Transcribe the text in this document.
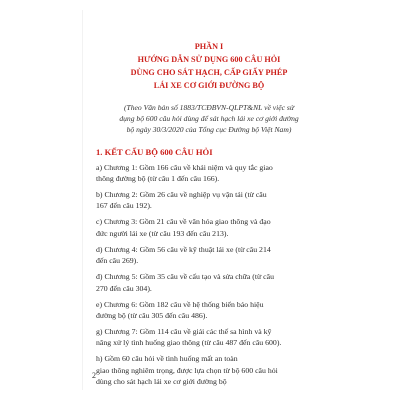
PHẦN I

HƯỚNG DẪN SỬ DỤNG 600 CÂU HỎI
DÙNG CHO SÁT HẠCH, CẤP GIẤY PHÉP
LÁI XE CƠ GIỚI ĐƯỜNG BỘ

(Theo Văn bản số 1883/TCĐBVN-QLPT&NL về việc sử
dụng bộ 600 câu hỏi dùng để sát hạch lái xe cơ giới đường
bộ ngày 30/3/2020 của Tổng cục Đường bộ Việt Nam)

1. KẾT CẤU BỘ 600 CÂU HỎI

a) Chương 1: Gồm 166 câu về khái niệm và quy tắc giao
thông đường bộ (từ câu 1 đến câu 166).
b) Chương 2: Gồm 26 câu về nghiệp vụ vận tải (từ câu
167 đến câu 192).
c) Chương 3: Gồm 21 câu về văn hóa giao thông và đạo
đức người lái xe (từ câu 193 đến câu 213).
d) Chương 4: Gồm 56 câu về kỹ thuật lái xe (từ câu 214
đến câu 269).
đ) Chương 5: Gồm 35 câu về cấu tạo và sửa chữa (từ câu
270 đến câu 304).
e) Chương 6: Gồm 182 câu về hệ thống biển báo hiệu
đường bộ (từ câu 305 đến câu 486).
g) Chương 7: Gồm 114 câu về giải các thế sa hình và kỹ
năng xử lý tình huống giao thông (từ câu 487 đến câu 600).
h) Gồm 60 câu hỏi về tình huống mất an toàn
giao thông nghiêm trọng, được lựa chọn từ bộ 600 câu hỏi
dùng cho sát hạch lái xe cơ giới đường bộ
2
